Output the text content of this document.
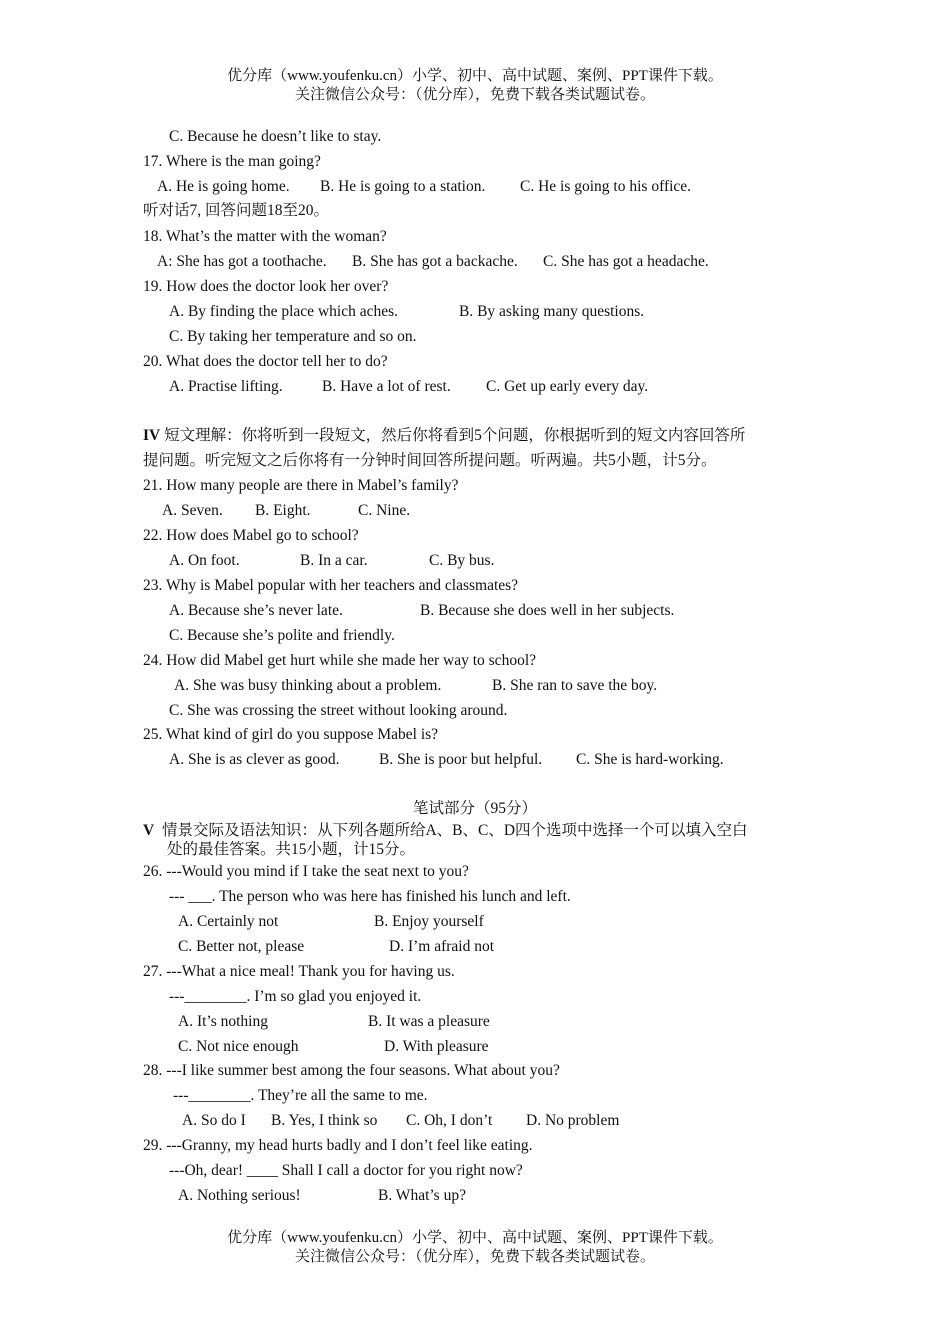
优分库（www.youfenku.cn）小学、初中、高中试题、案例、PPT课件下载。
关注微信公众号：（优分库），免费下载各类试题试卷。
C. Because he doesn’t like to stay.
17. Where is the man going?
A. He is going home. B. He is going to a station. C. He is going to his office.
听对话7, 回答问题18至20。
18. What’s the matter with the woman?
A: She has got a toothache. B. She has got a backache. C. She has got a headache.
19. How does the doctor look her over?
A. By finding the place which aches.	B. By asking many questions.
C. By taking her temperature and so on.
20. What does the doctor tell her to do?
A. Practise lifting.	B. Have a lot of rest. C. Get up early every day.
IV 短文理解：你将听到一段短文，然后你将看到5个问题，你根据听到的短文内容回答所
提问题。听完短文之后你将有一分钟时间回答所提问题。听两遍。共5小题，计5分。
21. How many people are there in Mabel’s family?
A. Seven. B. Eight.	C. Nine.
22. How does Mabel go to school?
A. On foot.	B. In a car.	C. By bus.
23. Why is Mabel popular with her teachers and classmates?
A. Because she’s never late.	B. Because she does well in her subjects.
C. Because she’s polite and friendly.
24. How did Mabel get hurt while she made her way to school?
A. She was busy thinking about a problem.	B. She ran to save the boy.
C. She was crossing the street without looking around.
25. What kind of girl do you suppose Mabel is?
A. She is as clever as good.	B. She is poor but helpful. C. She is hard-working.
笔试部分（95分）
V 情景交际及语法知识：从下列各题所给A、B、C、D四个选项中选择一个可以填入空白
处的最佳答案。共15小题，计15分。
26. ---Would you mind if I take the seat next to you?
--- ___. The person who was here has finished his lunch and left.
A. Certainly not	B. Enjoy yourself
C. Better not, please	D. I’m afraid not
27. ---What a nice meal! Thank you for having us.
---________. I’m so glad you enjoyed it.
A. It’s nothing	B. It was a pleasure
C. Not nice enough	D. With pleasure
28. ---I like summer best among the four seasons. What about you?
---________. They’re all the same to me.
A. So do I B. Yes, I think so C. Oh, I don’t D. No problem
29. ---Granny, my head hurts badly and I don’t feel like eating.
---Oh, dear! ____ Shall I call a doctor for you right now?
A. Nothing serious!	B. What’s up?
优分库（www.youfenku.cn）小学、初中、高中试题、案例、PPT课件下载。
关注微信公众号：（优分库），免费下载各类试题试卷。
